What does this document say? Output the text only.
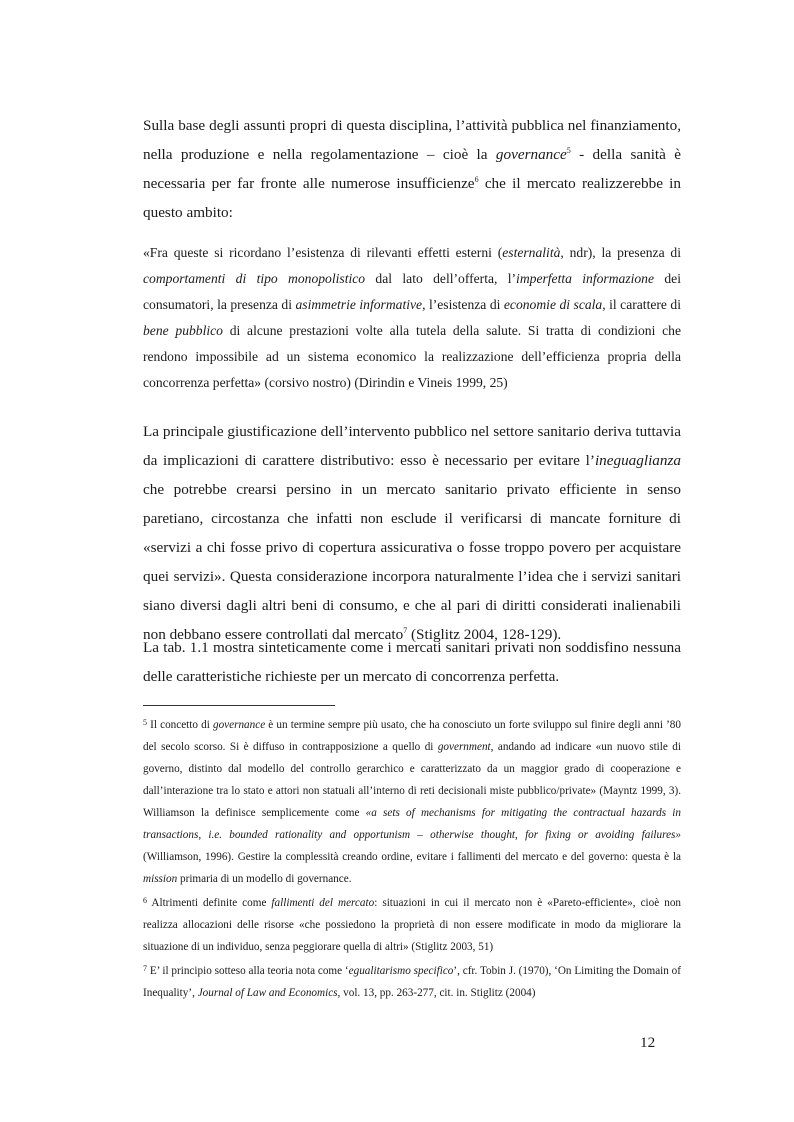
Sulla base degli assunti propri di questa disciplina, l’attività pubblica nel finanziamento, nella produzione e nella regolamentazione – cioè la governance$^5$ - della sanità è necessaria per far fronte alle numerose insufficienze$^6$ che il mercato realizzerebbe in questo ambito:

«Fra queste si ricordano l’esistenza di rilevanti effetti esterni (esternalità, ndr), la presenza di comportamenti di tipo monopolistico dal lato dell’offerta, l’imperfetta informazione dei consumatori, la presenza di asimmetrie informative, l’esistenza di economie di scala, il carattere di bene pubblico di alcune prestazioni volte alla tutela della salute. Si tratta di condizioni che rendono impossibile ad un sistema economico la realizzazione dell’efficienza propria della concorrenza perfetta» (corsivo nostro) (Dirindin e Vineis 1999, 25)

La principale giustificazione dell’intervento pubblico nel settore sanitario deriva tuttavia da implicazioni di carattere distributivo: esso è necessario per evitare l’ineguaglianza che potrebbe crearsi persino in un mercato sanitario privato efficiente in senso paretiano, circostanza che infatti non esclude il verificarsi di mancate forniture di «servizi a chi fosse privo di copertura assicurativa o fosse troppo povero per acquistare quei servizi». Questa considerazione incorpora naturalmente l’idea che i servizi sanitari siano diversi dagli altri beni di consumo, e che al pari di diritti considerati inalienabili non debbano essere controllati dal mercato$^7$ (Stiglitz 2004, 128-129).

La tab. 1.1 mostra sinteticamente come i mercati sanitari privati non soddisfino nessuna delle caratteristiche richieste per un mercato di concorrenza perfetta.

$^5$ Il concetto di governance è un termine sempre più usato, che ha conosciuto un forte sviluppo sul finire degli anni ’80 del secolo scorso. Si è diffuso in contrapposizione a quello di government, andando ad indicare «un nuovo stile di governo, distinto dal modello del controllo gerarchico e caratterizzato da un maggior grado di cooperazione e dall’interazione tra lo stato e attori non statuali all’interno di reti decisionali miste pubblico/private» (Mayntz 1999, 3). Williamson la definisce semplicemente come «a sets of mechanisms for mitigating the contractual hazards in transactions, i.e. bounded rationality and opportunism – otherwise thought, for fixing or avoiding failures» (Williamson, 1996). Gestire la complessità creando ordine, evitare i fallimenti del mercato e del governo: questa è la mission primaria di un modello di governance.

$^6$ Altrimenti definite come fallimenti del mercato: situazioni in cui il mercato non è «Pareto-efficiente», cioè non realizza allocazioni delle risorse «che possiedono la proprietà di non essere modificate in modo da migliorare la situazione di un individuo, senza peggiorare quella di altri» (Stiglitz 2003, 51)

$^7$ E’ il principio sotteso alla teoria nota come ‘egualitarismo specifico’, cfr. Tobin J. (1970), ‘On Limiting the Domain of Inequality’, Journal of Law and Economics, vol. 13, pp. 263-277, cit. in. Stiglitz (2004)

12
